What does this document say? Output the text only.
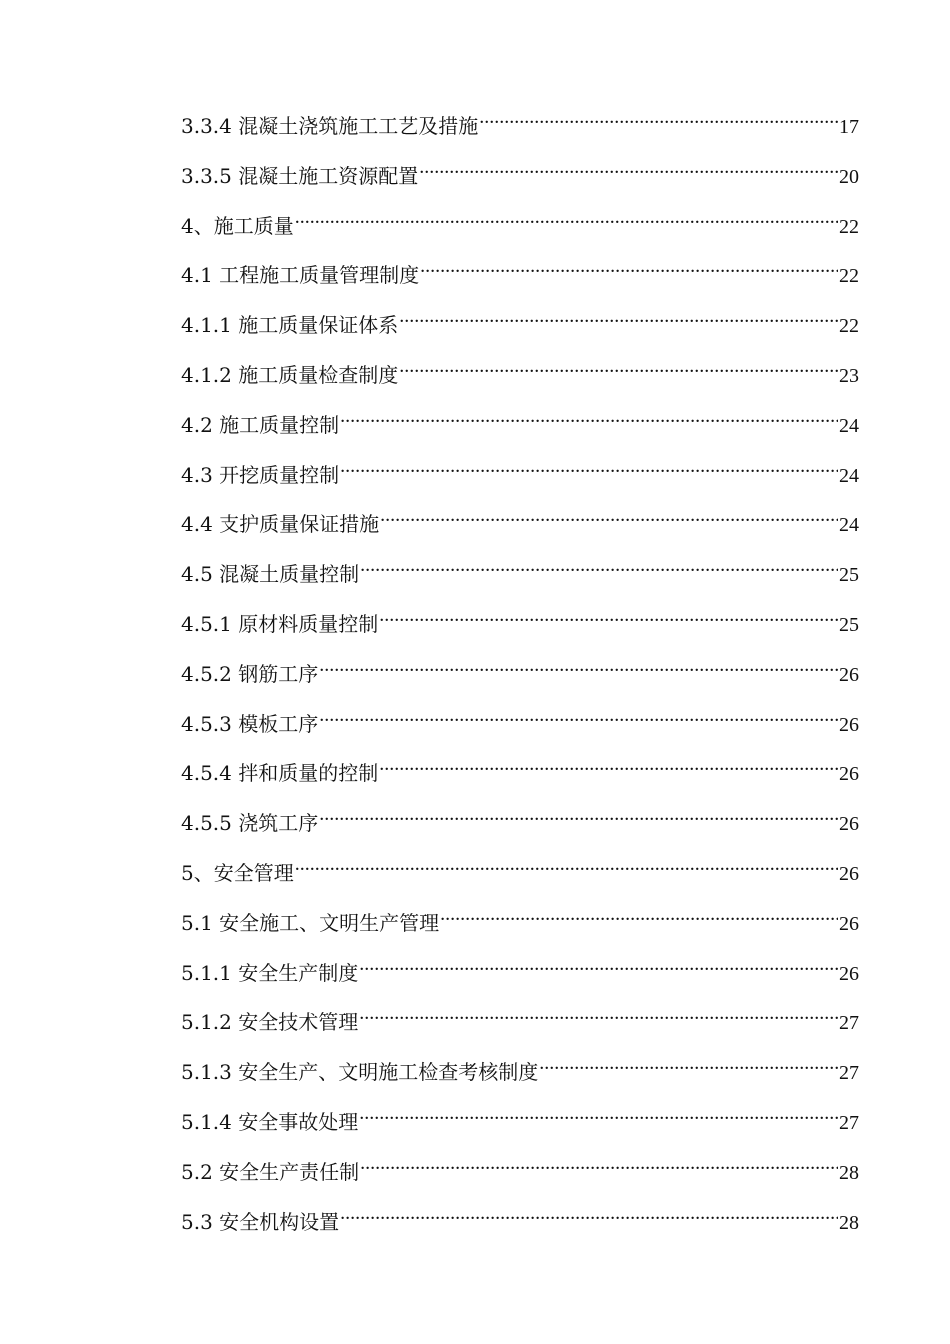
3.3.4 混凝土浇筑施工工艺及措施 .....	17
3.3.5 混凝土施工资源配置 .....	20
4、施工质量 .....	22
4.1 工程施工质量管理制度 .....	22
4.1.1 施工质量保证体系 .....	22
4.1.2 施工质量检查制度 .....	23
4.2 施工质量控制 .....	24
4.3 开挖质量控制 .....	24
4.4 支护质量保证措施 .....	24
4.5 混凝土质量控制 .....	25
4.5.1 原材料质量控制 .....	25
4.5.2 钢筋工序 .....	26
4.5.3 模板工序 .....	26
4.5.4 拌和质量的控制 .....	26
4.5.5 浇筑工序 .....	26
5、安全管理 .....	26
5.1 安全施工、文明生产管理 .....	26
5.1.1 安全生产制度 .....	26
5.1.2 安全技术管理 .....	27
5.1.3 安全生产、文明施工检查考核制度 .....	27
5.1.4 安全事故处理 .....	27
5.2 安全生产责任制 .....	28
5.3 安全机构设置 .....	28
